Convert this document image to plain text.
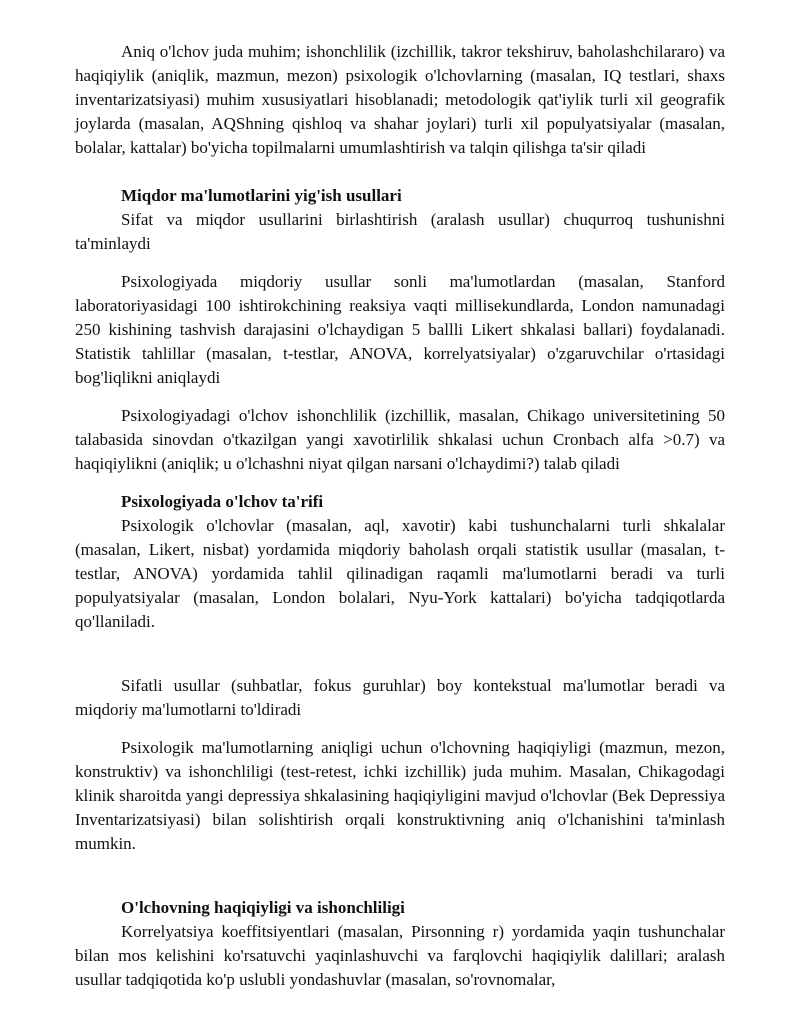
Aniq o'lchov juda muhim; ishonchlilik (izchillik, takror tekshiruv, baholashchilararo) va haqiqiylik (aniqlik, mazmun, mezon) psixologik o'lchovlarning (masalan, IQ testlari, shaxs inventarizatsiyasi) muhim xususiyatlari hisoblanadi; metodologik qat'iylik turli xil geografik joylarda (masalan, AQShning qishloq va shahar joylari) turli xil populyatsiyalar (masalan, bolalar, kattalar) bo'yicha topilmalarni umumlashtirish va talqin qilishga ta'sir qiladi

Miqdor ma'lumotlarini yig'ish usullari

Sifat va miqdor usullarini birlashtirish (aralash usullar) chuqurroq tushunishni ta'minlaydi

Psixologiyada miqdoriy usullar sonli ma'lumotlardan (masalan, Stanford laboratoriyasidagi 100 ishtirokchining reaksiya vaqti millisekundlarda, London namunadagi 250 kishining tashvish darajasini o'lchaydigan 5 ballli Likert shkalasi ballari) foydalanadi. Statistik tahlillar (masalan, t-testlar, ANOVA, korrelyatsiyalar) o'zgaruvchilar o'rtasidagi bog'liqlikni aniqlaydi

Psixologiyadagi o'lchov ishonchlilik (izchillik, masalan, Chikago universitetining 50 talabasida sinovdan o'tkazilgan yangi xavotirlilik shkalasi uchun Cronbach alfa >0.7) va haqiqiylikni (aniqlik; u o'lchashni niyat qilgan narsani o'lchaydimi?) talab qiladi

Psixologiyada o'lchov ta'rifi

Psixologik o'lchovlar (masalan, aql, xavotir) kabi tushunchalarni turli shkalalar (masalan, Likert, nisbat) yordamida miqdoriy baholash orqali statistik usullar (masalan, t-testlar, ANOVA) yordamida tahlil qilinadigan raqamli ma'lumotlarni beradi va turli populyatsiyalar (masalan, London bolalari, Nyu-York kattalari) bo'yicha tadqiqotlarda qo'llaniladi.

Sifatli usullar (suhbatlar, fokus guruhlar) boy kontekstual ma'lumotlar beradi va miqdoriy ma'lumotlarni to'ldiradi

Psixologik ma'lumotlarning aniqligi uchun o'lchovning haqiqiyligi (mazmun, mezon, konstruktiv) va ishonchliligi (test-retest, ichki izchillik) juda muhim. Masalan, Chikagodagi klinik sharoitda yangi depressiya shkalasining haqiqiyligini mavjud o'lchovlar (Bek Depressiya Inventarizatsiyasi) bilan solishtirish orqali konstruktivning aniq o'lchanishini ta'minlash mumkin.

O'lchovning haqiqiyligi va ishonchliligi

Korrelyatsiya koeffitsiyentlari (masalan, Pirsonning r) yordamida yaqin tushunchalar bilan mos kelishini ko'rsatuvchi yaqinlashuvchi va farqlovchi haqiqiylik dalillari; aralash usullar tadqiqotida ko'p uslubli yondashuvlar (masalan, so'rovnomalar,
